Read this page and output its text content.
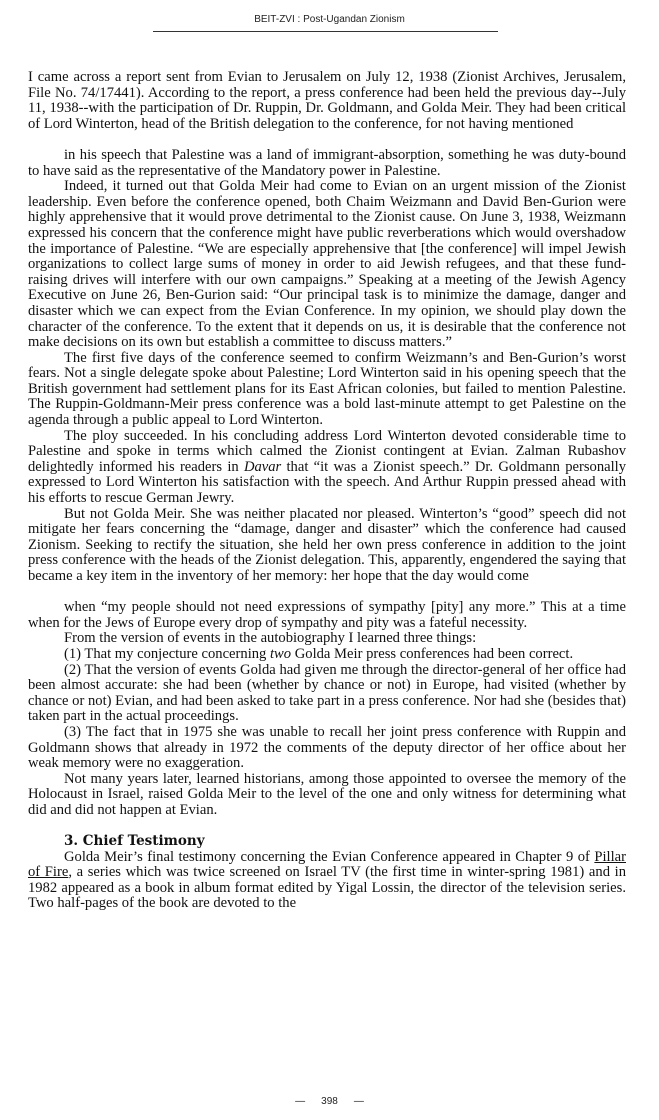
BEIT-ZVI : Post-Ugandan Zionism

I came across a report sent from Evian to Jerusalem on July 12, 1938 (Zionist Archives, Jerusalem, File No. 74/17441). According to the report, a press conference had been held the previous day--July 11, 1938--with the participation of Dr. Ruppin, Dr. Goldmann, and Golda Meir. They had been critical of Lord Winterton, head of the British delegation to the conference, for not having mentioned

in his speech that Palestine was a land of immigrant-absorption, something he was duty-bound to have said as the representative of the Mandatory power in Palestine.

Indeed, it turned out that Golda Meir had come to Evian on an urgent mission of the Zionist leadership. Even before the conference opened, both Chaim Weizmann and David Ben-Gurion were highly apprehensive that it would prove detrimental to the Zionist cause. On June 3, 1938, Weizmann expressed his concern that the conference might have public reverberations which would overshadow the importance of Palestine. “We are especially apprehensive that [the conference] will impel Jewish organizations to collect large sums of money in order to aid Jewish refugees, and that these fund-raising drives will interfere with our own campaigns.” Speaking at a meeting of the Jewish Agency Executive on June 26, Ben-Gurion said: “Our principal task is to minimize the damage, danger and disaster which we can expect from the Evian Conference. In my opinion, we should play down the character of the conference. To the extent that it depends on us, it is desirable that the conference not make decisions on its own but establish a committee to discuss matters.”

The first five days of the conference seemed to confirm Weizmann’s and Ben-Gurion’s worst fears. Not a single delegate spoke about Palestine; Lord Winterton said in his opening speech that the British government had settlement plans for its East African colonies, but failed to mention Palestine. The Ruppin-Goldmann-Meir press conference was a bold last-minute attempt to get Palestine on the agenda through a public appeal to Lord Winterton.

The ploy succeeded. In his concluding address Lord Winterton devoted considerable time to Palestine and spoke in terms which calmed the Zionist contingent at Evian. Zalman Rubashov delightedly informed his readers in Davar that “it was a Zionist speech.” Dr. Goldmann personally expressed to Lord Winterton his satisfaction with the speech. And Arthur Ruppin pressed ahead with his efforts to rescue German Jewry.

But not Golda Meir. She was neither placated nor pleased. Winterton’s “good” speech did not mitigate her fears concerning the “damage, danger and disaster” which the conference had caused Zionism. Seeking to rectify the situation, she held her own press conference in addition to the joint press conference with the heads of the Zionist delegation. This, apparently, engendered the saying that became a key item in the inventory of her memory: her hope that the day would come

when “my people should not need expressions of sympathy [pity] any more.” This at a time when for the Jews of Europe every drop of sympathy and pity was a fateful necessity.

From the version of events in the autobiography I learned three things:

(1) That my conjecture concerning two Golda Meir press conferences had been correct.

(2) That the version of events Golda had given me through the director-general of her office had been almost accurate: she had been (whether by chance or not) in Europe, had visited (whether by chance or not) Evian, and had been asked to take part in a press conference. Nor had she (besides that) taken part in the actual proceedings.

(3) The fact that in 1975 she was unable to recall her joint press conference with Ruppin and Goldmann shows that already in 1972 the comments of the deputy director of her office about her weak memory were no exaggeration.

Not many years later, learned historians, among those appointed to oversee the memory of the Holocaust in Israel, raised Golda Meir to the level of the one and only witness for determining what did and did not happen at Evian.

3. Chief Testimony

Golda Meir’s final testimony concerning the Evian Conference appeared in Chapter 9 of Pillar of Fire, a series which was twice screened on Israel TV (the first time in winter-spring 1981) and in 1982 appeared as a book in album format edited by Yigal Lossin, the director of the television series. Two half-pages of the book are devoted to the

— 398 —
